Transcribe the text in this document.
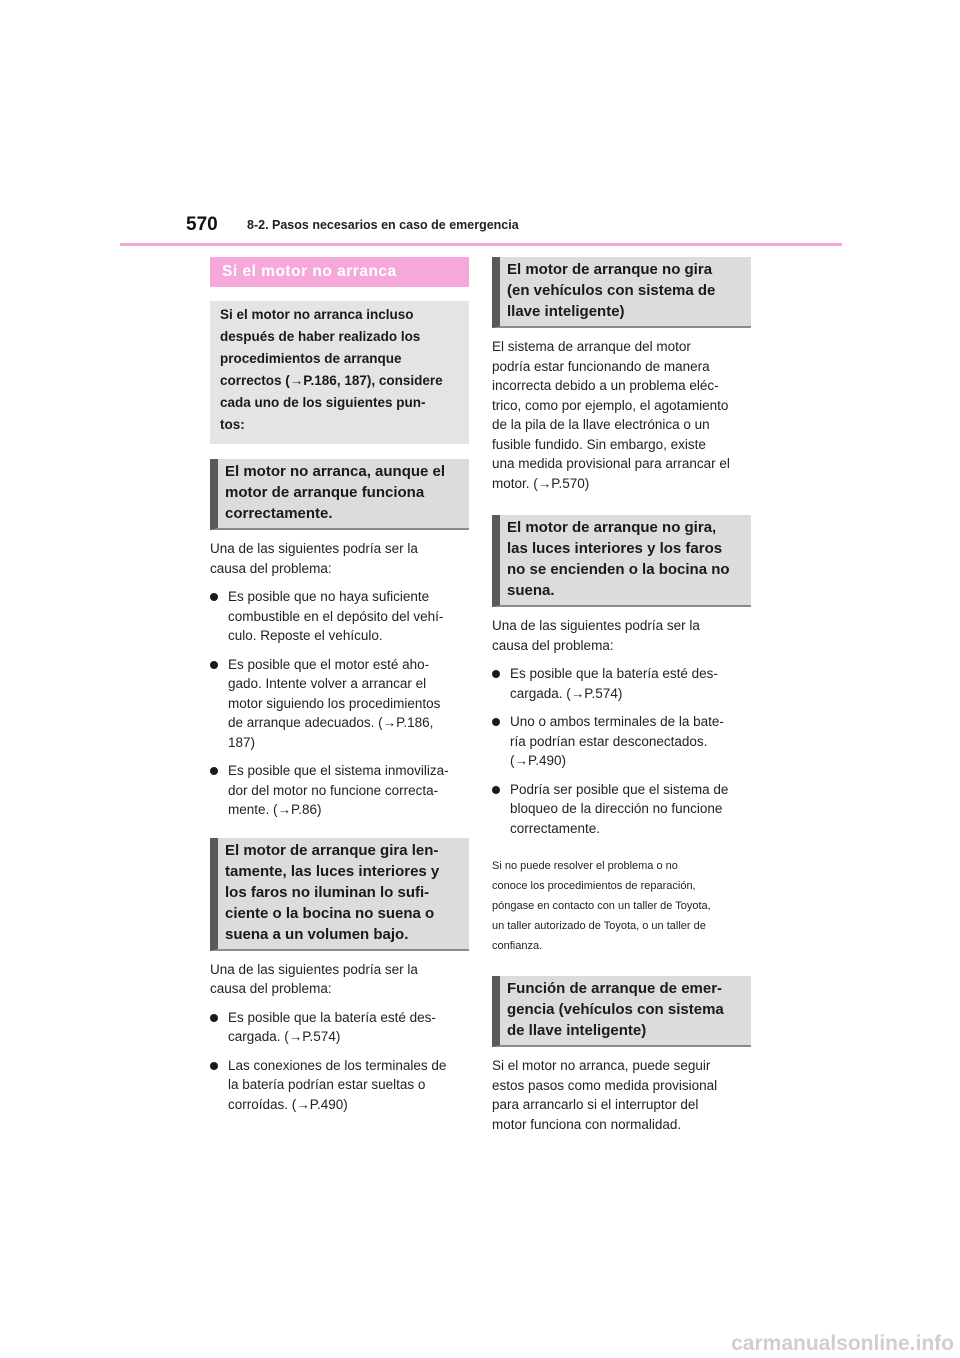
570 8-2. Pasos necesarios en caso de emergencia
Si el motor no arranca
Si el motor no arranca incluso
después de haber realizado los
procedimientos de arranque
correctos (→P.186, 187), considere
cada uno de los siguientes pun-
tos:
El motor no arranca, aunque el
motor de arranque funciona
correctamente.
Una de las siguientes podría ser la
causa del problema:
Es posible que no haya suficiente
combustible en el depósito del vehí-
culo. Reposte el vehículo.
Es posible que el motor esté aho-
gado. Intente volver a arrancar el
motor siguiendo los procedimientos
de arranque adecuados. (→P.186,
187)
Es posible que el sistema inmoviliza-
dor del motor no funcione correcta-
mente. (→P.86)
El motor de arranque gira len-
tamente, las luces interiores y
los faros no iluminan lo sufi-
ciente o la bocina no suena o
suena a un volumen bajo.
Una de las siguientes podría ser la
causa del problema:
Es posible que la batería esté des-
cargada. (→P.574)
Las conexiones de los terminales de
la batería podrían estar sueltas o
corroídas. (→P.490)
El motor de arranque no gira
(en vehículos con sistema de
llave inteligente)
El sistema de arranque del motor
podría estar funcionando de manera
incorrecta debido a un problema eléc-
trico, como por ejemplo, el agotamiento
de la pila de la llave electrónica o un
fusible fundido. Sin embargo, existe
una medida provisional para arrancar el
motor. (→P.570)
El motor de arranque no gira,
las luces interiores y los faros
no se encienden o la bocina no
suena.
Una de las siguientes podría ser la
causa del problema:
Es posible que la batería esté des-
cargada. (→P.574)
Uno o ambos terminales de la bate-
ría podrían estar desconectados.
(→P.490)
Podría ser posible que el sistema de
bloqueo de la dirección no funcione
correctamente.
Si no puede resolver el problema o no
conoce los procedimientos de reparación,
póngase en contacto con un taller de Toyota,
un taller autorizado de Toyota, o un taller de
confianza.
Función de arranque de emer-
gencia (vehículos con sistema
de llave inteligente)
Si el motor no arranca, puede seguir
estos pasos como medida provisional
para arrancarlo si el interruptor del
motor funciona con normalidad.
carmanualsonline.info
